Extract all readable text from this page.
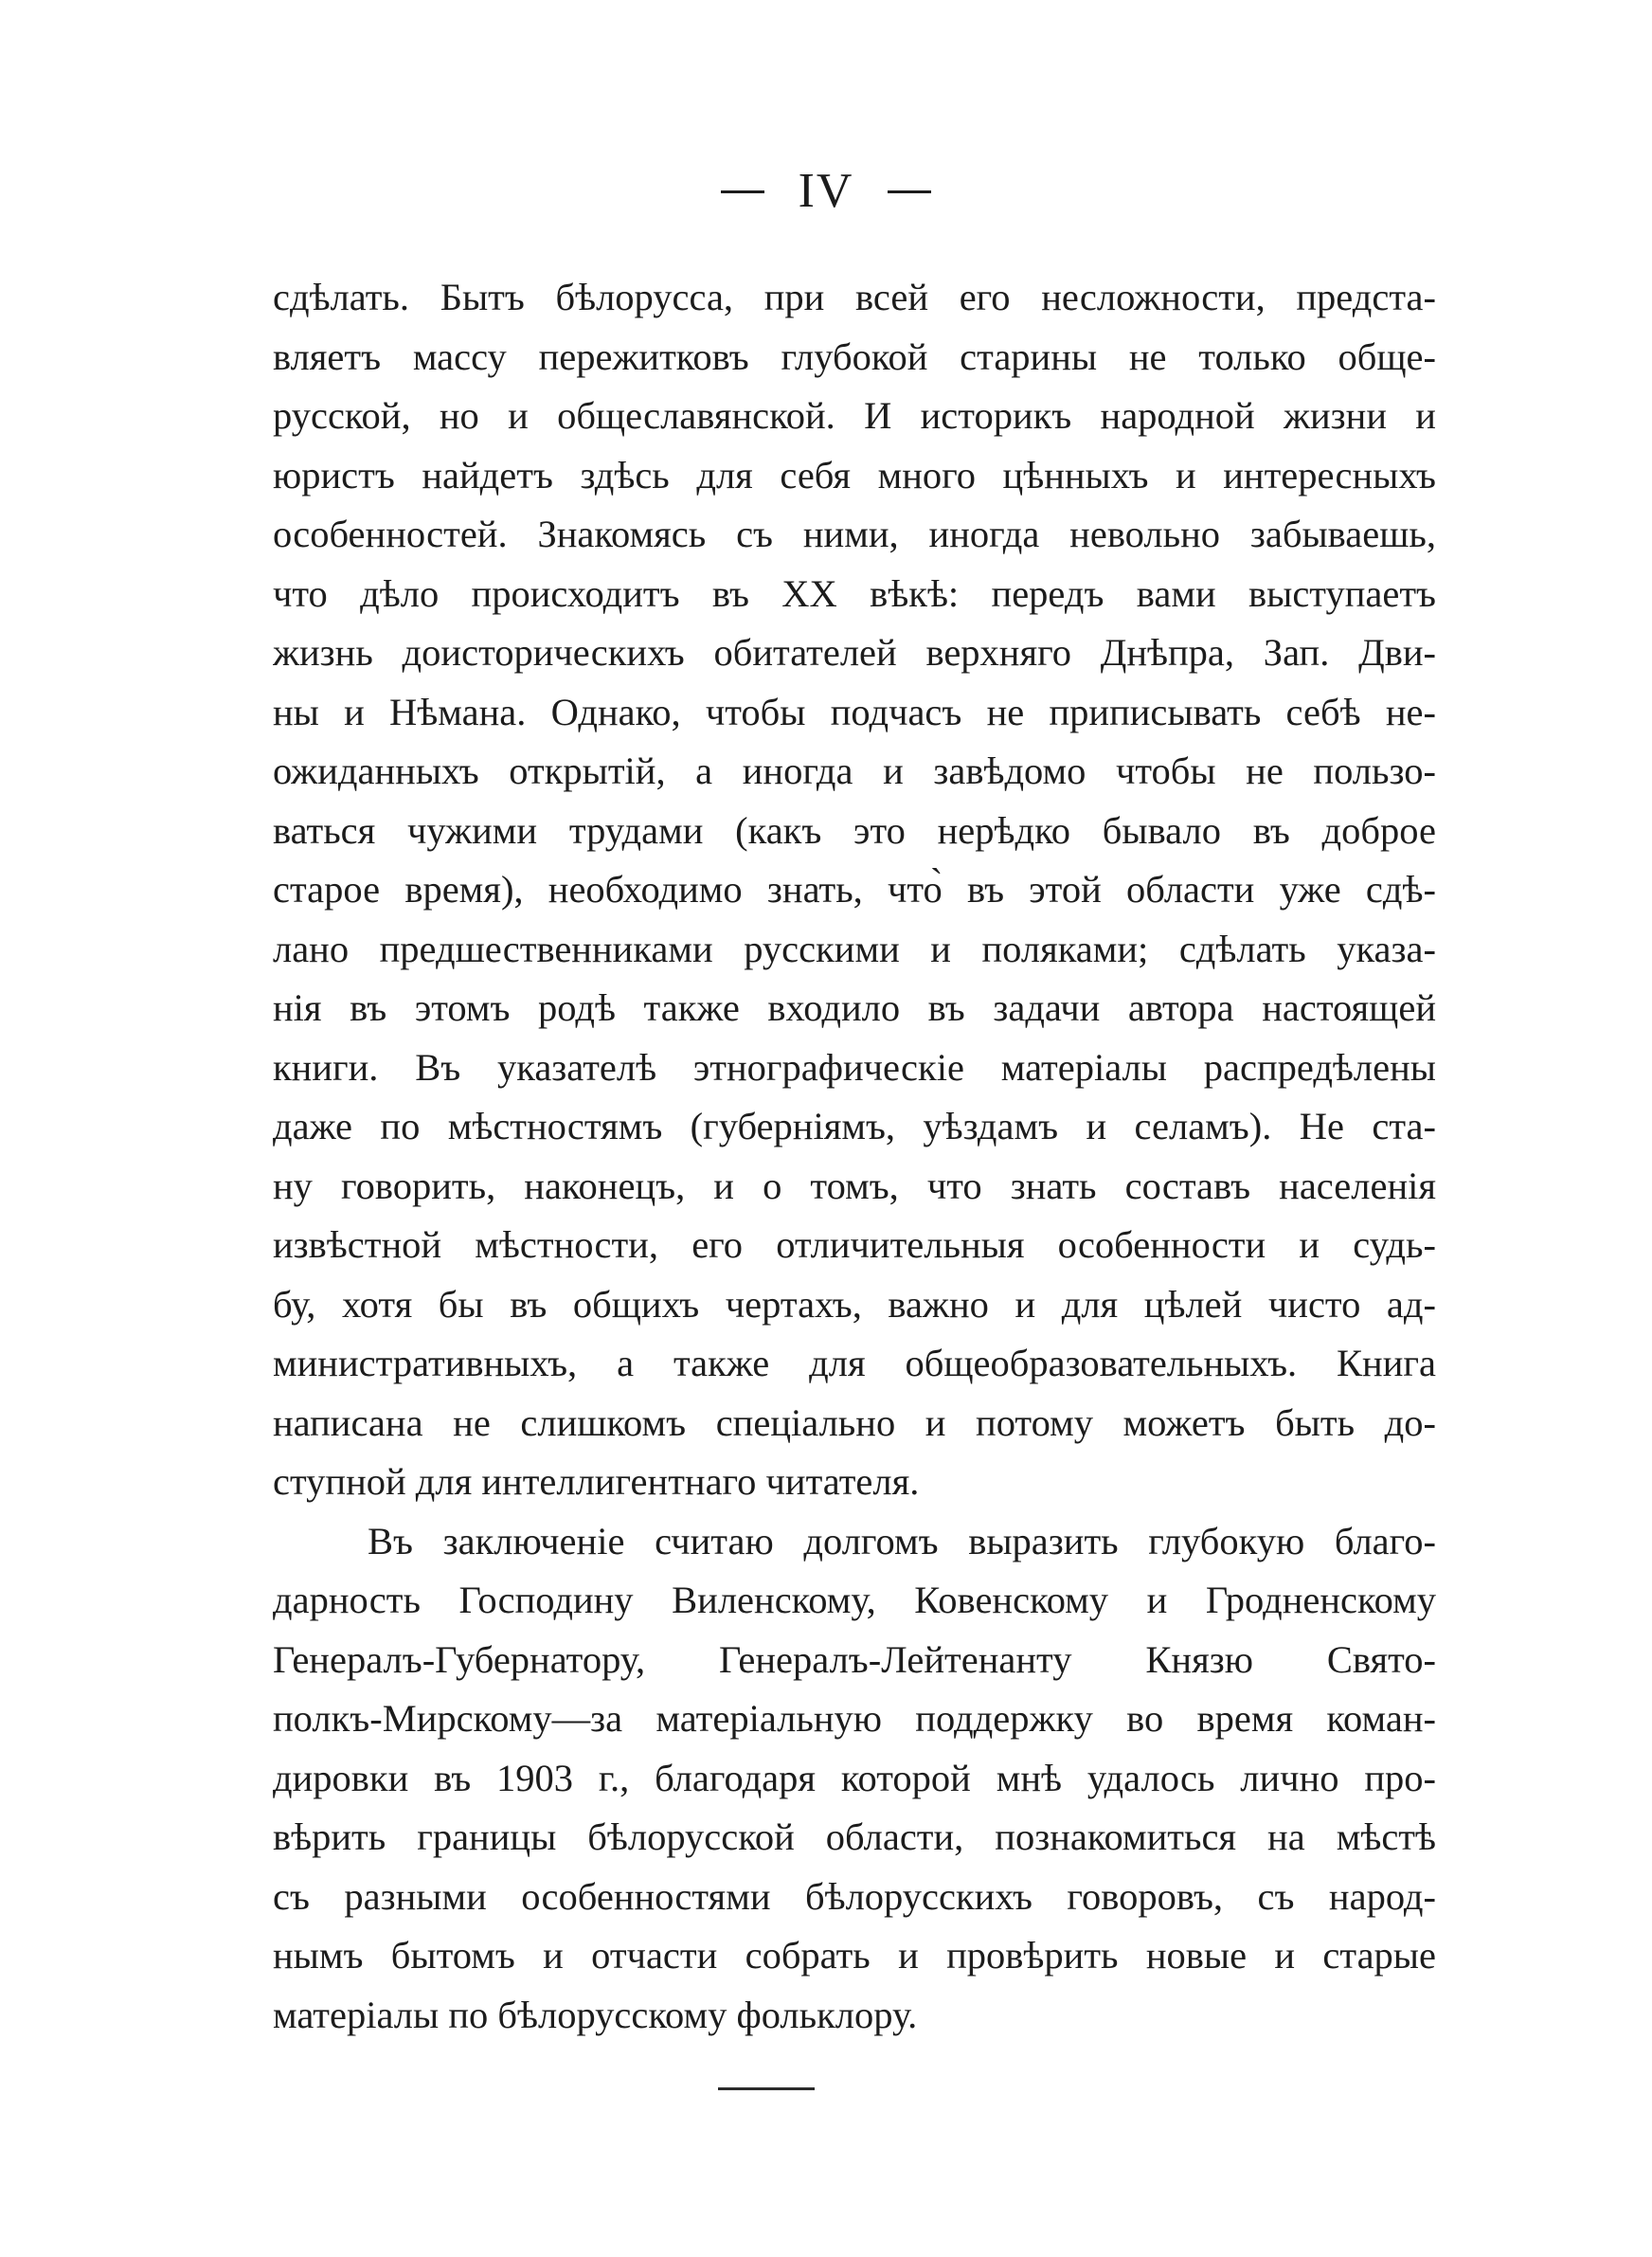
IV
сдѣлать. Бытъ бѣлоруcса, при всей его несложности, предста-
вляетъ массу пережитковъ глубокой старины не только обще-
русской, но и общеславянской. И историкъ народной жизни и
юристъ найдетъ здѣсь для себя много цѣнныхъ и интересныхъ
особенностей. Знакомясь съ ними, иногда невольно забываешь,
что дѣло происходитъ въ XX вѣкѣ: передъ вами выступаетъ
жизнь доисторическихъ обитателей верхняго Днѣпра, Зап. Дви-
ны и Нѣмана. Однако, чтобы подчасъ не приписывать себѣ не-
ожиданныхъ открытій, а иногда и завѣдомо чтобы не пользо-
ваться чужими трудами (какъ это нерѣдко бывало въ доброе
старое время), необходимо знать, что̀ въ этой области уже сдѣ-
лано предшественниками русскими и поляками; сдѣлать указа-
нія въ этомъ родѣ также входило въ задачи автора настоящей
книги. Въ указателѣ этнографическіе матеріалы распредѣлены
даже по мѣстностямъ (губерніямъ, уѣздамъ и селамъ). Не ста-
ну говорить, наконецъ, и о томъ, что знать составъ населенія
извѣстной мѣстности, его отличительныя особенности и судь-
бу, хотя бы въ общихъ чертахъ, важно и для цѣлей чисто ад-
министративныхъ, а также для общеобразовательныхъ. Книга
написана не слишкомъ спеціально и потому можетъ быть до-
ступной для интеллигентнаго читателя.
Въ заключеніе считаю долгомъ выразить глубокую благо-
дарность Господину Виленскому, Ковенскому и Гродненскому
Генералъ-Губернатору, Генералъ-Лейтенанту Князю Свято-
полкъ-Мирскому—за матеріальную поддержку во время коман-
дировки въ 1903 г., благодаря которой мнѣ удалось лично про-
вѣрить границы бѣлорусской области, познакомиться на мѣстѣ
съ разными особенностями бѣлорусскихъ говоровъ, съ народ-
нымъ бытомъ и отчасти собрать и провѣрить новые и старые
матеріалы по бѣлорусскому фольклору.
